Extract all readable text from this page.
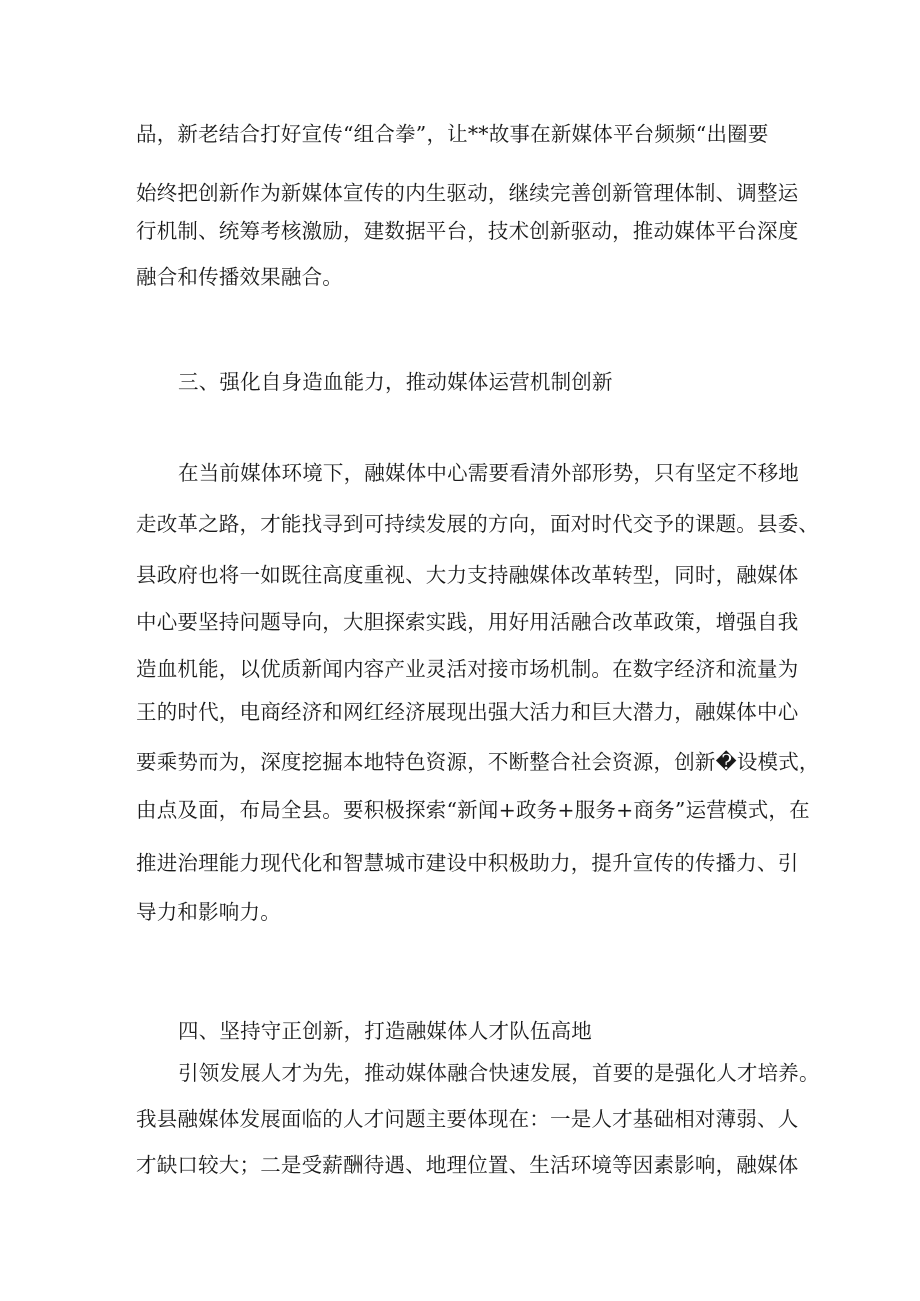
品，新老结合打好宣传“组合拳”，让**故事在新媒体平台频频“出圈要
始终把创新作为新媒体宣传的内生驱动，继续完善创新管理体制、调整运
行机制、统筹考核激励，建数据平台，技术创新驱动，推动媒体平台深度
融合和传播效果融合。
三、强化自身造血能力，推动媒体运营机制创新
在当前媒体环境下，融媒体中心需要看清外部形势，只有坚定不移地
走改革之路，才能找寻到可持续发展的方向，面对时代交予的课题。县委、
县政府也将一如既往高度重视、大力支持融媒体改革转型，同时，融媒体
中心要坚持问题导向，大胆探索实践，用好用活融合改革政策，增强自我
造血机能，以优质新闻内容产业灵活对接市场机制。在数字经济和流量为
王的时代，电商经济和网红经济展现出强大活力和巨大潜力，融媒体中心
要乘势而为，深度挖掘本地特色资源，不断整合社会资源，创新�设模式，
由点及面，布局全县。要积极探索“新闻+政务+服务+商务”运营模式，在
推进治理能力现代化和智慧城市建设中积极助力，提升宣传的传播力、引
导力和影响力。
四、坚持守正创新，打造融媒体人才队伍高地
引领发展人才为先，推动媒体融合快速发展，首要的是强化人才培养。
我县融媒体发展面临的人才问题主要体现在：一是人才基础相对薄弱、人
才缺口较大；二是受薪酬待遇、地理位置、生活环境等因素影响，融媒体
